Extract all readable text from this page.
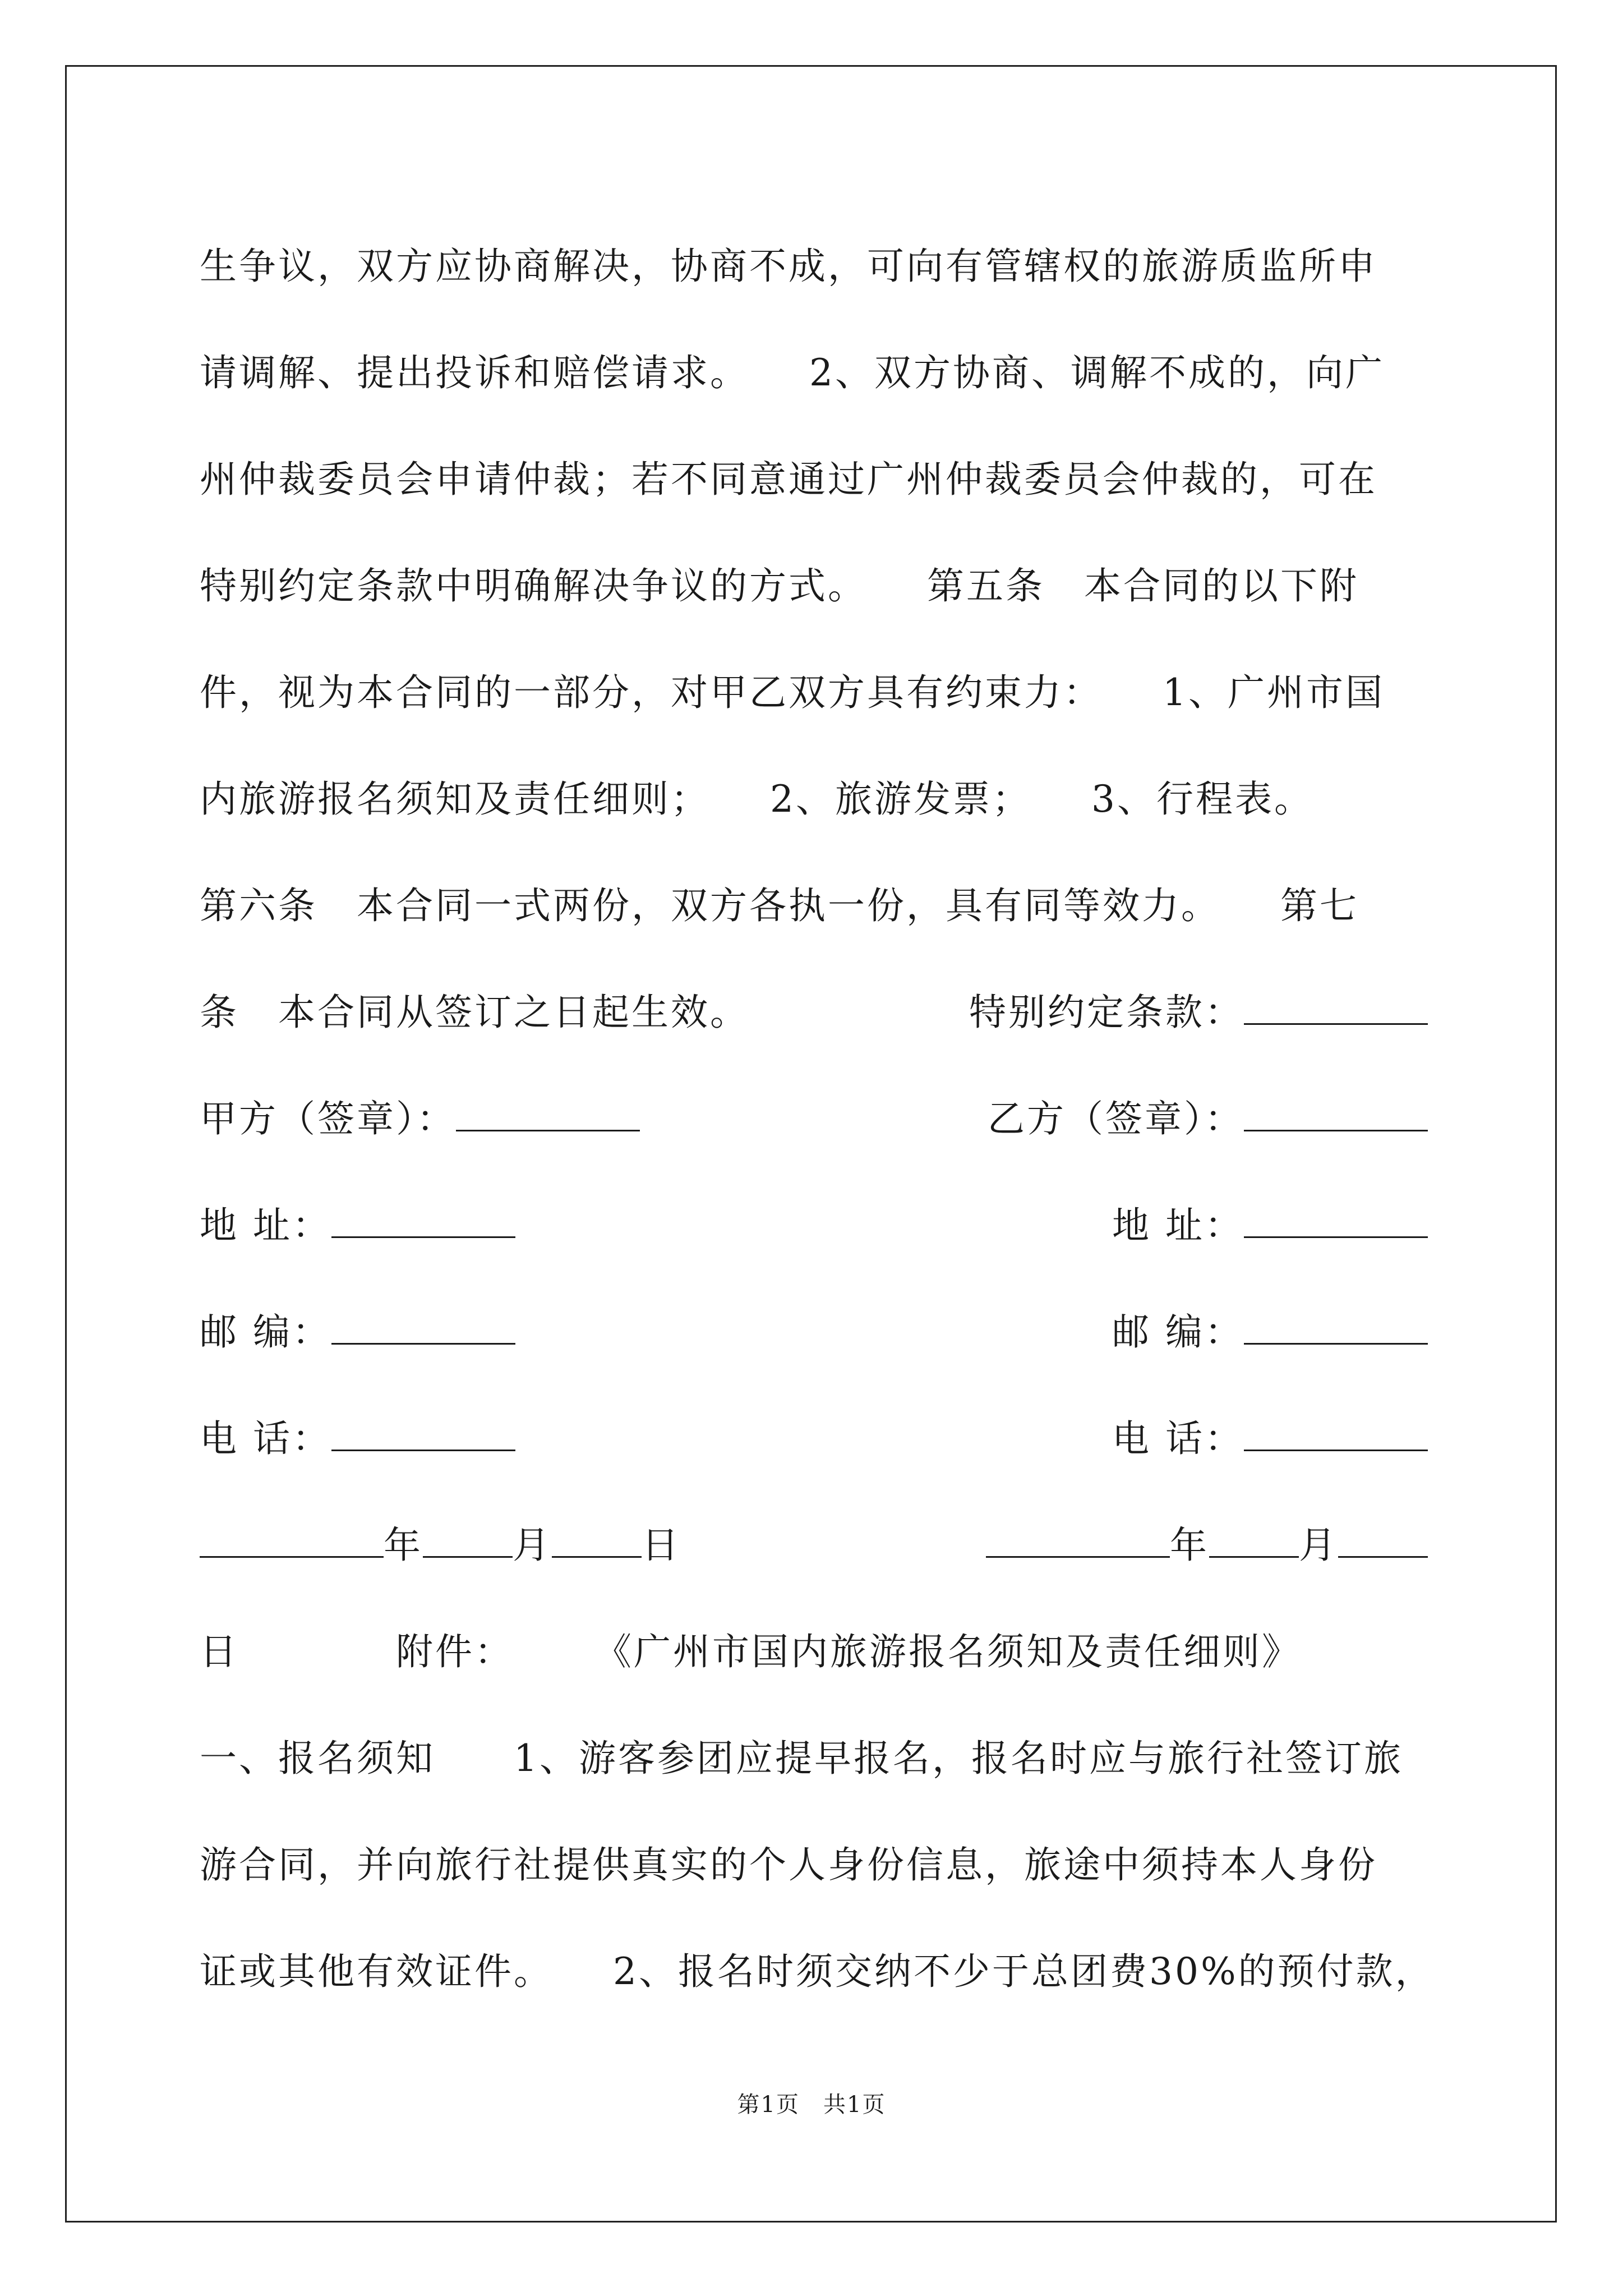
生争议，双方应协商解决，协商不成，可向有管辖权的旅游质监所申
请调解、提出投诉和赔偿请求。　　2、双方协商、调解不成的，向广
州仲裁委员会申请仲裁；若不同意通过广州仲裁委员会仲裁的，可在
特别约定条款中明确解决争议的方式。　　第五条　本合同的以下附
件，视为本合同的一部分，对甲乙双方具有约束力：　　1、广州市国
内旅游报名须知及责任细则；　　2、旅游发票；　　3、行程表。
第六条　本合同一式两份，双方各执一份，具有同等效力。　　第七
条　本合同从签订之日起生效。	特别约定条款：
甲方（签章）：	乙方（签章）：
地 址：	地 址：
邮 编：	邮 编：
电 话：	电 话：
年 月 日	年 月
日　　　　附件：　　　《广州市国内旅游报名须知及责任细则》
一、报名须知　　1、游客参团应提早报名，报名时应与旅行社签订旅
游合同，并向旅行社提供真实的个人身份信息，旅途中须持本人身份
证或其他有效证件。　　2、报名时须交纳不少于总团费30%的预付款，
第1页　共1页
